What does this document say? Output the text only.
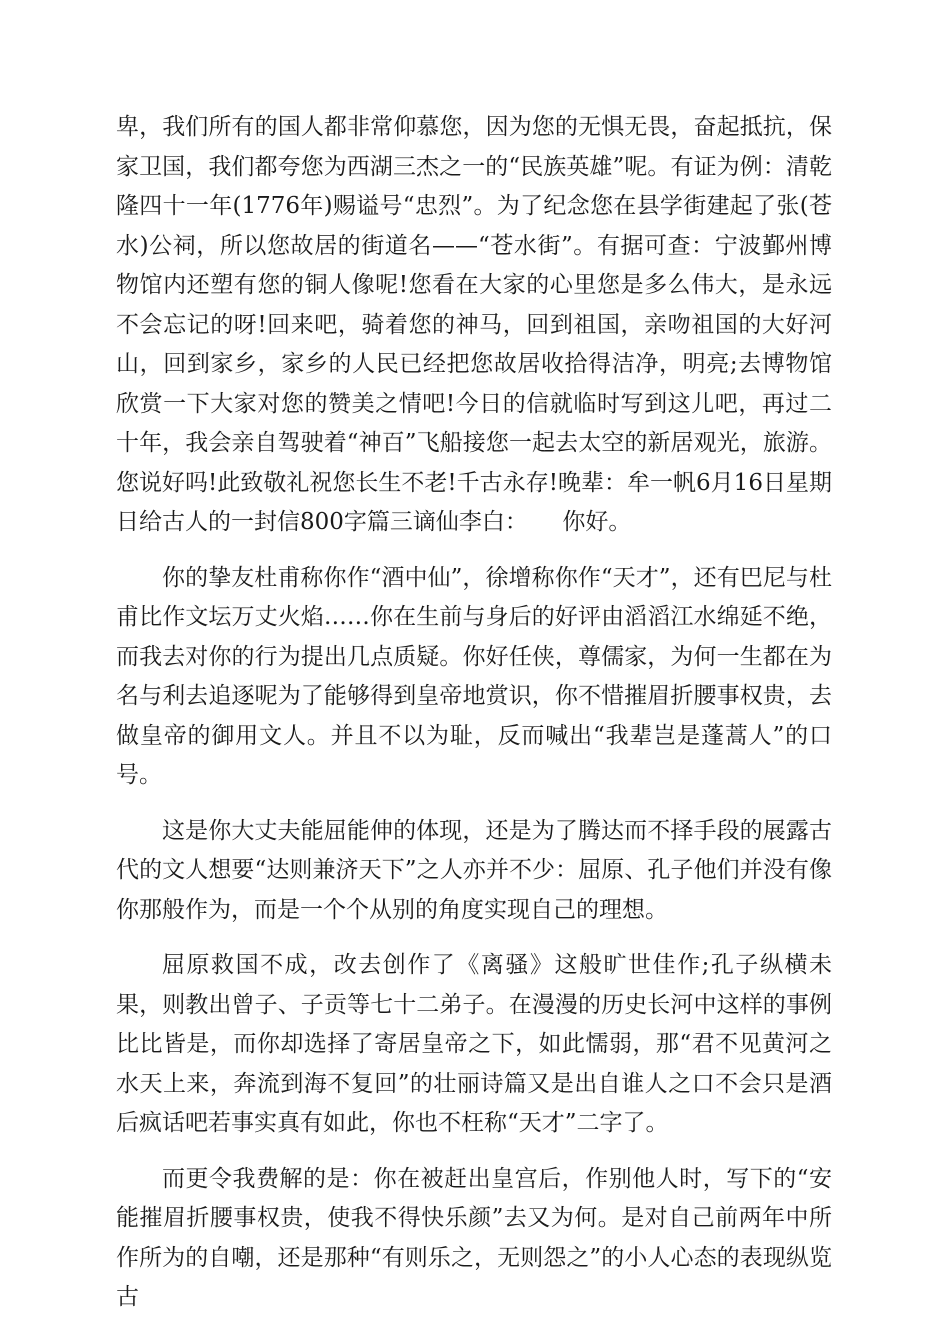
卑，我们所有的国人都非常仰慕您，因为您的无惧无畏，奋起抵抗，保家卫国，我们都夸您为西湖三杰之一的“民族英雄”呢。有证为例：清乾隆四十一年(1776年)赐谥号“忠烈”。为了纪念您在县学街建起了张(苍水)公祠，所以您故居的街道名——“苍水街”。有据可查：宁波鄞州博物馆内还塑有您的铜人像呢!您看在大家的心里您是多么伟大，是永远不会忘记的呀!回来吧，骑着您的神马，回到祖国，亲吻祖国的大好河山，回到家乡，家乡的人民已经把您故居收拾得洁净，明亮;去博物馆欣赏一下大家对您的赞美之情吧!今日的信就临时写到这儿吧，再过二十年，我会亲自驾驶着“神百”飞船接您一起去太空的新居观光，旅游。您说好吗!此致敬礼祝您长生不老!千古永存!晚辈：牟一帆6月16日星期日给古人的一封信800字篇三谪仙李白：　　你好。

你的挚友杜甫称你作“酒中仙”，徐增称你作“天才”，还有巴尼与杜甫比作文坛万丈火焰……你在生前与身后的好评由滔滔江水绵延不绝，而我去对你的行为提出几点质疑。你好任侠，尊儒家，为何一生都在为名与利去追逐呢为了能够得到皇帝地赏识，你不惜摧眉折腰事权贵，去做皇帝的御用文人。并且不以为耻，反而喊出“我辈岂是蓬蒿人”的口号。

这是你大丈夫能屈能伸的体现，还是为了腾达而不择手段的展露古代的文人想要“达则兼济天下”之人亦并不少：屈原、孔子他们并没有像你那般作为，而是一个个从别的角度实现自己的理想。

屈原救国不成，改去创作了《离骚》这般旷世佳作;孔子纵横未果，则教出曾子、子贡等七十二弟子。在漫漫的历史长河中这样的事例比比皆是，而你却选择了寄居皇帝之下，如此懦弱，那“君不见黄河之水天上来，奔流到海不复回”的壮丽诗篇又是出自谁人之口不会只是酒后疯话吧若事实真有如此，你也不枉称“天才”二字了。

而更令我费解的是：你在被赶出皇宫后，作别他人时，写下的“安能摧眉折腰事权贵，使我不得快乐颜”去又为何。是对自己前两年中所作所为的自嘲，还是那种“有则乐之，无则怨之”的小人心态的表现纵览古
